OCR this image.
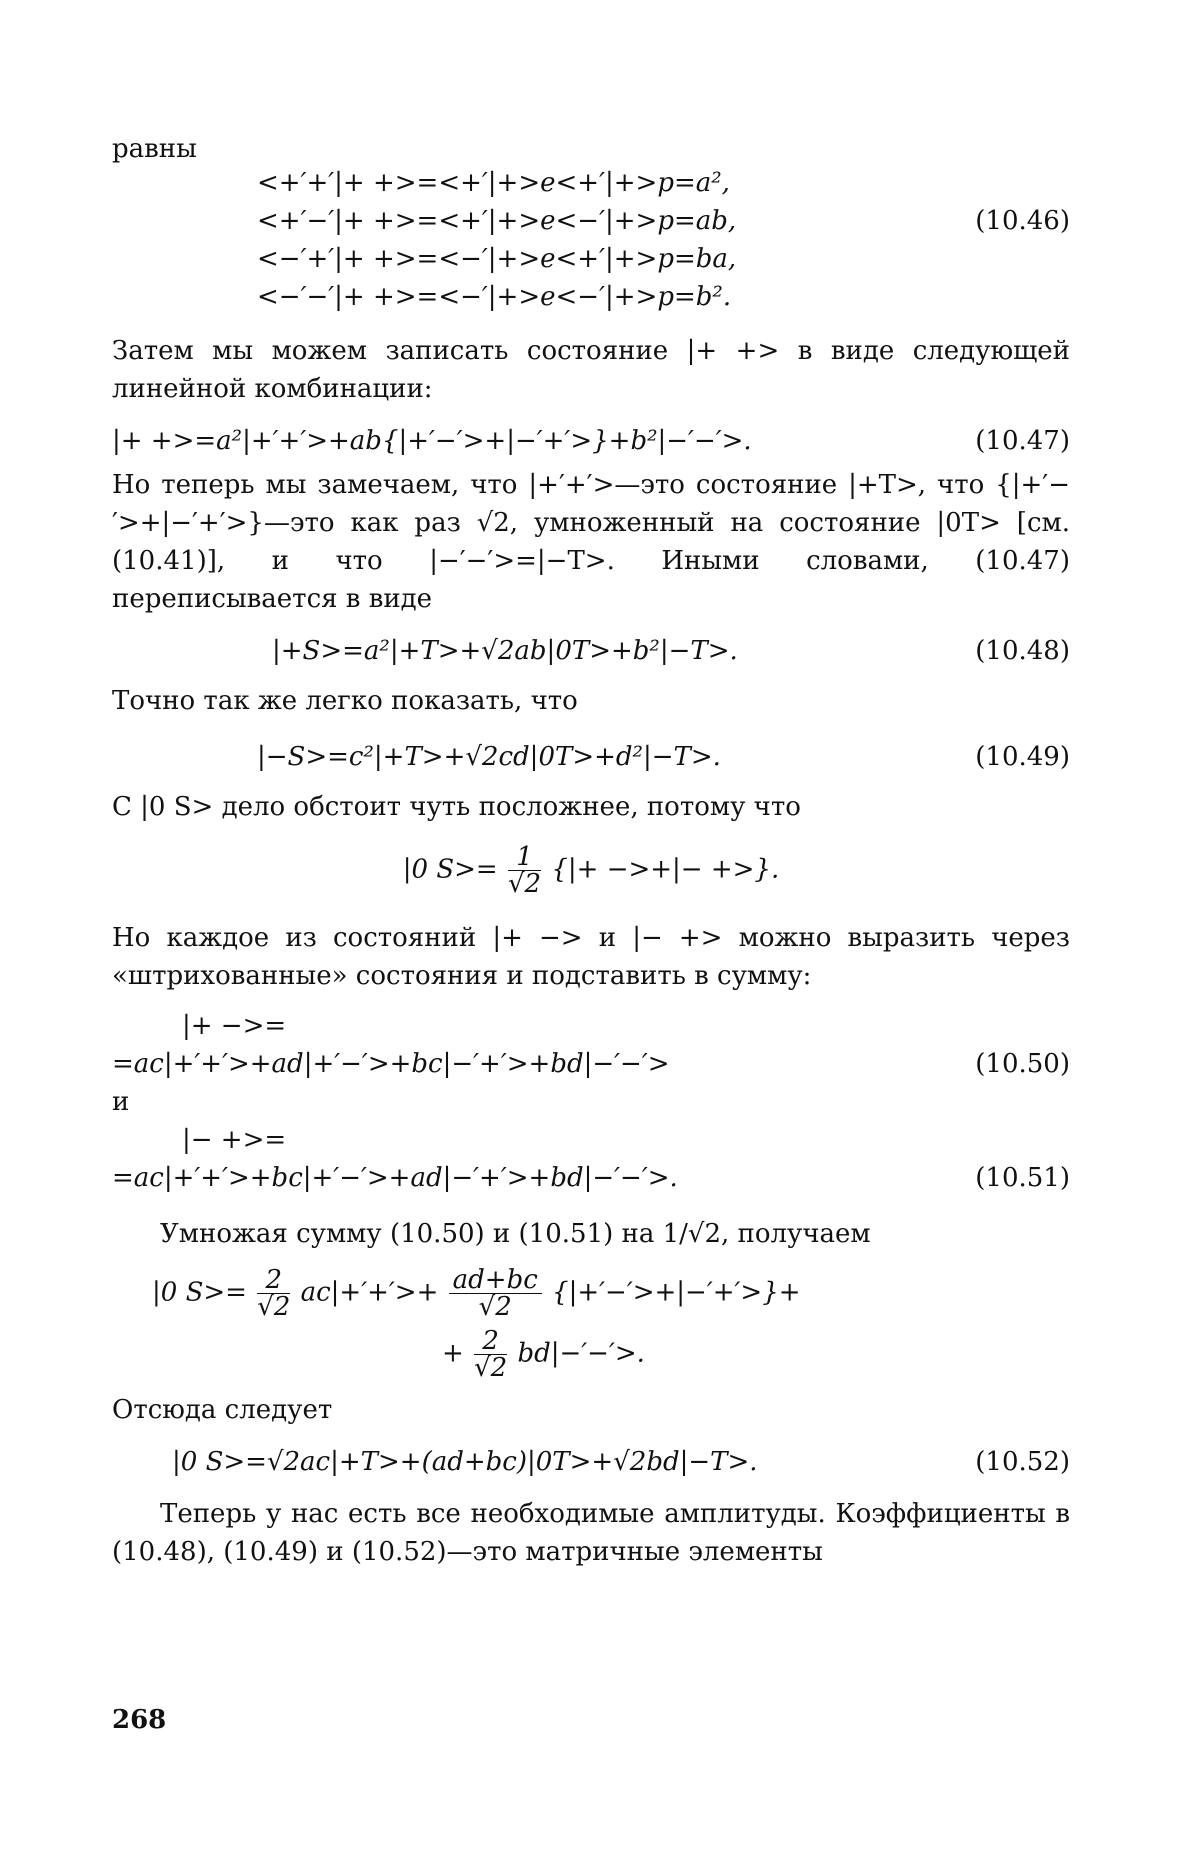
равны

<+′+′|+ +>=<+′|+>e<+′|+>p=a²,
<+′−′|+ +>=<+′|+>e<−′|+>p=ab,
<−′+′|+ +>=<−′|+>e<+′|+>p=ba,
<−′−′|+ +>=<−′|+>e<−′|+>p=b².
(10.46)

Затем мы можем записать состояние |+ +> в виде следующей линейной комбинации:

|+ +>=a²|+′+′>+ab{|+′−′>+|−′+′>}+b²|−′−′>.	(10.47)

Но теперь мы замечаем, что |+′+′>—это состояние |+T>, что {|+′−′>+|−′+′>}—это как раз √2, умноженный на состояние |0T> [см. (10.41)], и что |−′−′>=|−T>. Иными словами, (10.47) переписывается в виде

|+S>=a²|+T>+√2ab|0T>+b²|−T>.	(10.48)

Точно так же легко показать, что

|−S>=c²|+T>+√2cd|0T>+d²|−T>.	(10.49)

С |0 S> дело обстоит чуть посложнее, потому что

|0 $S>= \frac{1}{√2}$ {|+ −>+|− +>}.

Но каждое из состояний |+ −> и |− +> можно выразить через «штрихованные» состояния и подставить в сумму:

|+ −>=
=ac|+′+′>+ad|+′−′>+bc|−′+′>+bd|−′−′>	(10.50)
и
|− +>=
=ac|+′+′>+bc|+′−′>+ad|−′+′>+bd|−′−′>.	(10.51)

Умножая сумму (10.50) и (10.51) на 1/√2, получаем

|0 $S>= \frac{2}{√2} ac|+'+'>+ \frac{ad+bc}{√2}$ {|+′−′>+|−′+′>}+
+ $\frac{2}{√2} bd|-'-'>$.

Отсюда следует

|0 S>=√2ac|+T>+(ad+bc)|0T>+√2bd|−T>.	(10.52)

Теперь у нас есть все необходимые амплитуды. Коэффициенты в (10.48), (10.49) и (10.52)—это матричные элементы

268
